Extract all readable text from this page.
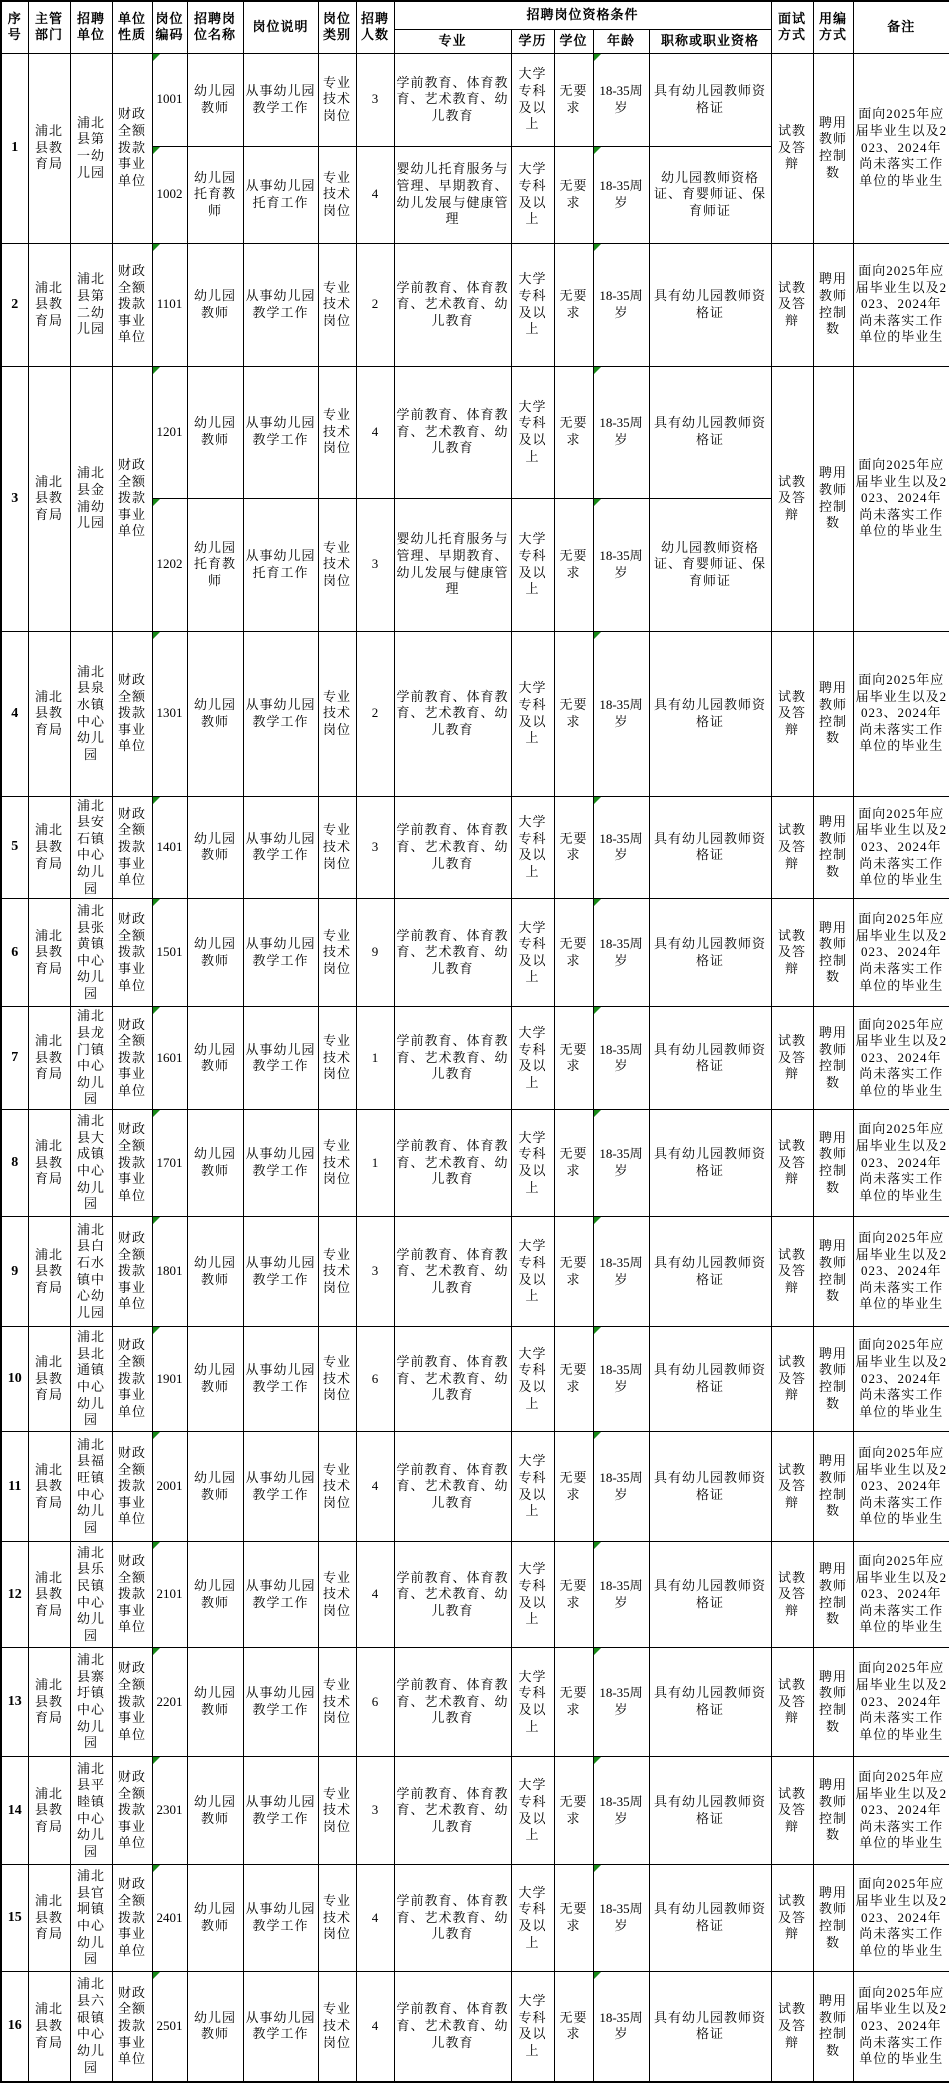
序号	主管部门	招聘单位	单位性质	岗位编码	招聘岗位名称	岗位说明	岗位类别	招聘人数	招聘岗位资格条件					面试方式	用编方式	备注
									专业	学历	学位	年龄	职称或职业资格			
1	浦北县教育局	浦北县第一幼儿园	财政全额拨款事业单位	1001	幼儿园教师	从事幼儿园教学工作	专业技术岗位	3	学前教育、体育教育、艺术教育、幼儿教育	大学专科及以上	无要求	18-35周岁	具有幼儿园教师资格证	试教及答辩	聘用教师控制数	面向2025年应届毕业生以及2023、2024年尚未落实工作单位的毕业生
				1002	幼儿园托育教师	从事幼儿园托育工作	专业技术岗位	4	婴幼儿托育服务与管理、早期教育、幼儿发展与健康管理	大学专科及以上	无要求	18-35周岁	幼儿园教师资格证、育婴师证、保育师证			
2	浦北县教育局	浦北县第二幼儿园	财政全额拨款事业单位	1101	幼儿园教师	从事幼儿园教学工作	专业技术岗位	2	学前教育、体育教育、艺术教育、幼儿教育	大学专科及以上	无要求	18-35周岁	具有幼儿园教师资格证	试教及答辩	聘用教师控制数	面向2025年应届毕业生以及2023、2024年尚未落实工作单位的毕业生
3	浦北县教育局	浦北县金浦幼儿园	财政全额拨款事业单位	1201	幼儿园教师	从事幼儿园教学工作	专业技术岗位	4	学前教育、体育教育、艺术教育、幼儿教育	大学专科及以上	无要求	18-35周岁	具有幼儿园教师资格证	试教及答辩	聘用教师控制数	面向2025年应届毕业生以及2023、2024年尚未落实工作单位的毕业生
				1202	幼儿园托育教师	从事幼儿园托育工作	专业技术岗位	3	婴幼儿托育服务与管理、早期教育、幼儿发展与健康管理	大学专科及以上	无要求	18-35周岁	幼儿园教师资格证、育婴师证、保育师证			
4	浦北县教育局	浦北县泉水镇中心幼儿园	财政全额拨款事业单位	1301	幼儿园教师	从事幼儿园教学工作	专业技术岗位	2	学前教育、体育教育、艺术教育、幼儿教育	大学专科及以上	无要求	18-35周岁	具有幼儿园教师资格证	试教及答辩	聘用教师控制数	面向2025年应届毕业生以及2023、2024年尚未落实工作单位的毕业生
5	浦北县教育局	浦北县安石镇中心幼儿园	财政全额拨款事业单位	1401	幼儿园教师	从事幼儿园教学工作	专业技术岗位	3	学前教育、体育教育、艺术教育、幼儿教育	大学专科及以上	无要求	18-35周岁	具有幼儿园教师资格证	试教及答辩	聘用教师控制数	面向2025年应届毕业生以及2023、2024年尚未落实工作单位的毕业生
6	浦北县教育局	浦北县张黄镇中心幼儿园	财政全额拨款事业单位	1501	幼儿园教师	从事幼儿园教学工作	专业技术岗位	9	学前教育、体育教育、艺术教育、幼儿教育	大学专科及以上	无要求	18-35周岁	具有幼儿园教师资格证	试教及答辩	聘用教师控制数	面向2025年应届毕业生以及2023、2024年尚未落实工作单位的毕业生
7	浦北县教育局	浦北县龙门镇中心幼儿园	财政全额拨款事业单位	1601	幼儿园教师	从事幼儿园教学工作	专业技术岗位	1	学前教育、体育教育、艺术教育、幼儿教育	大学专科及以上	无要求	18-35周岁	具有幼儿园教师资格证	试教及答辩	聘用教师控制数	面向2025年应届毕业生以及2023、2024年尚未落实工作单位的毕业生
8	浦北县教育局	浦北县大成镇中心幼儿园	财政全额拨款事业单位	1701	幼儿园教师	从事幼儿园教学工作	专业技术岗位	1	学前教育、体育教育、艺术教育、幼儿教育	大学专科及以上	无要求	18-35周岁	具有幼儿园教师资格证	试教及答辩	聘用教师控制数	面向2025年应届毕业生以及2023、2024年尚未落实工作单位的毕业生
9	浦北县教育局	浦北县白石水镇中心幼儿园	财政全额拨款事业单位	1801	幼儿园教师	从事幼儿园教学工作	专业技术岗位	3	学前教育、体育教育、艺术教育、幼儿教育	大学专科及以上	无要求	18-35周岁	具有幼儿园教师资格证	试教及答辩	聘用教师控制数	面向2025年应届毕业生以及2023、2024年尚未落实工作单位的毕业生
10	浦北县教育局	浦北县北通镇中心幼儿园	财政全额拨款事业单位	1901	幼儿园教师	从事幼儿园教学工作	专业技术岗位	6	学前教育、体育教育、艺术教育、幼儿教育	大学专科及以上	无要求	18-35周岁	具有幼儿园教师资格证	试教及答辩	聘用教师控制数	面向2025年应届毕业生以及2023、2024年尚未落实工作单位的毕业生
11	浦北县教育局	浦北县福旺镇中心幼儿园	财政全额拨款事业单位	2001	幼儿园教师	从事幼儿园教学工作	专业技术岗位	4	学前教育、体育教育、艺术教育、幼儿教育	大学专科及以上	无要求	18-35周岁	具有幼儿园教师资格证	试教及答辩	聘用教师控制数	面向2025年应届毕业生以及2023、2024年尚未落实工作单位的毕业生
12	浦北县教育局	浦北县乐民镇中心幼儿园	财政全额拨款事业单位	2101	幼儿园教师	从事幼儿园教学工作	专业技术岗位	4	学前教育、体育教育、艺术教育、幼儿教育	大学专科及以上	无要求	18-35周岁	具有幼儿园教师资格证	试教及答辩	聘用教师控制数	面向2025年应届毕业生以及2023、2024年尚未落实工作单位的毕业生
13	浦北县教育局	浦北县寨圩镇中心幼儿园	财政全额拨款事业单位	2201	幼儿园教师	从事幼儿园教学工作	专业技术岗位	6	学前教育、体育教育、艺术教育、幼儿教育	大学专科及以上	无要求	18-35周岁	具有幼儿园教师资格证	试教及答辩	聘用教师控制数	面向2025年应届毕业生以及2023、2024年尚未落实工作单位的毕业生
14	浦北县教育局	浦北县平睦镇中心幼儿园	财政全额拨款事业单位	2301	幼儿园教师	从事幼儿园教学工作	专业技术岗位	3	学前教育、体育教育、艺术教育、幼儿教育	大学专科及以上	无要求	18-35周岁	具有幼儿园教师资格证	试教及答辩	聘用教师控制数	面向2025年应届毕业生以及2023、2024年尚未落实工作单位的毕业生
15	浦北县教育局	浦北县官垌镇中心幼儿园	财政全额拨款事业单位	2401	幼儿园教师	从事幼儿园教学工作	专业技术岗位	4	学前教育、体育教育、艺术教育、幼儿教育	大学专科及以上	无要求	18-35周岁	具有幼儿园教师资格证	试教及答辩	聘用教师控制数	面向2025年应届毕业生以及2023、2024年尚未落实工作单位的毕业生
16	浦北县教育局	浦北县六硍镇中心幼儿园	财政全额拨款事业单位	2501	幼儿园教师	从事幼儿园教学工作	专业技术岗位	4	学前教育、体育教育、艺术教育、幼儿教育	大学专科及以上	无要求	18-35周岁	具有幼儿园教师资格证	试教及答辩	聘用教师控制数	面向2025年应届毕业生以及2023、2024年尚未落实工作单位的毕业生
